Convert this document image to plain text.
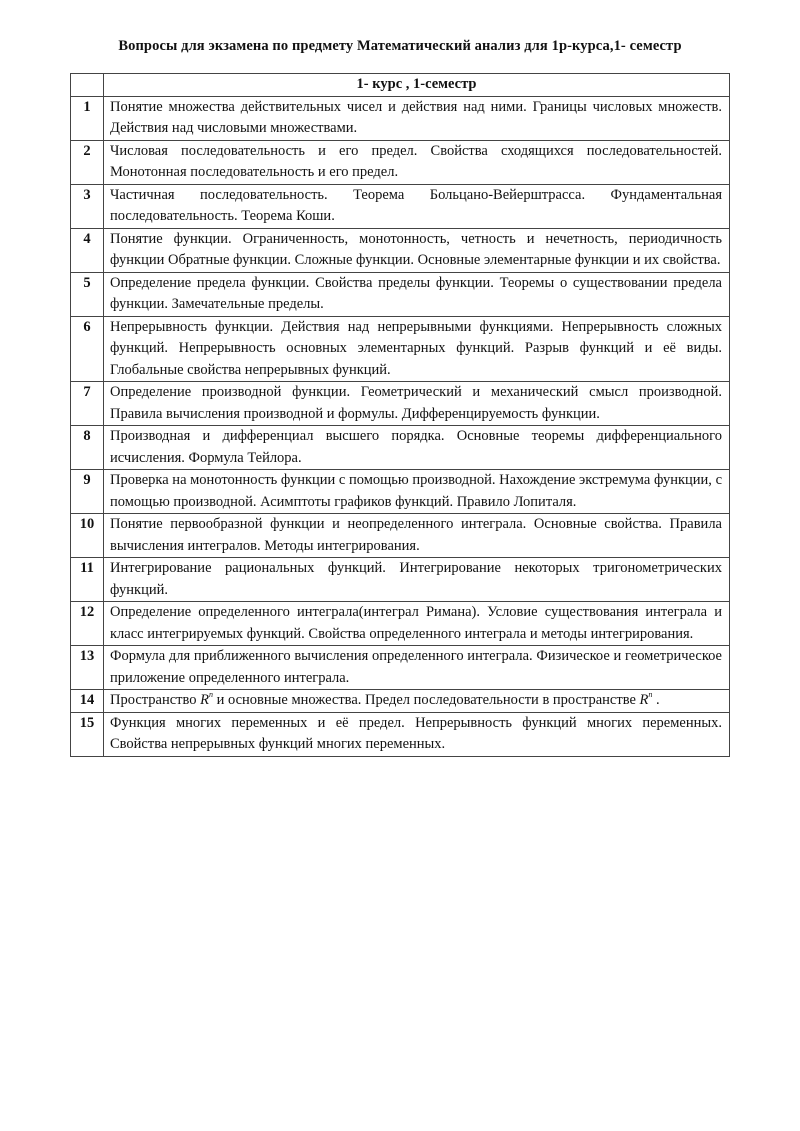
Вопросы для экзамена по предмету Математический анализ для 1р-курса,1- семестр
	1- курс , 1-семестр
1	Понятие множества действительных чисел и действия над ними. Границы числовых множеств. Действия над числовыми множествами.
2	Числовая последовательность и его предел. Свойства сходящихся последовательностей. Монотонная последовательность и его предел.
3	Частичная последовательность. Теорема Больцано-Вейерштрасса. Фундаментальная последовательность. Теорема Коши.
4	Понятие функции. Ограниченность, монотонность, четность и нечетность, периодичность функции Обратные функции. Сложные функции. Основные элементарные функции и их свойства.
5	Определение предела функции. Свойства пределы функции. Теоремы о существовании предела функции. Замечательные пределы.
6	Непрерывность функции. Действия над непрерывными функциями. Непрерывность сложных функций. Непрерывность основных элементарных функций. Разрыв функций и её виды. Глобальные свойства непрерывных функций.
7	Определение производной функции. Геометрический и механический смысл производной. Правила вычисления производной и формулы. Дифференцируемость функции.
8	Производная и дифференциал высшего порядка. Основные теоремы дифференциального исчисления. Формула Тейлора.
9	Проверка на монотонность функции с помощью производной. Нахождение экстремума функции, с помощью производной. Асимптоты графиков функций. Правило Лопиталя.
10	Понятие первообразной функции и неопределенного интеграла. Основные свойства. Правила вычисления интегралов. Методы интегрирования.
11	Интегрирование рациональных функций. Интегрирование некоторых тригонометрических функций.
12	Определение определенного интеграла(интеграл Римана). Условие существования интеграла и класс интегрируемых функций. Свойства определенного интеграла и методы интегрирования.
13	Формула для приближенного вычисления определенного интеграла. Физическое и геометрическое приложение определенного интеграла.
14	Пространство $R^n$ и основные множества. Предел последовательности в пространстве $R^n$ .
15	Функция многих переменных и её предел. Непрерывность функций многих переменных. Свойства непрерывных функций многих переменных.
